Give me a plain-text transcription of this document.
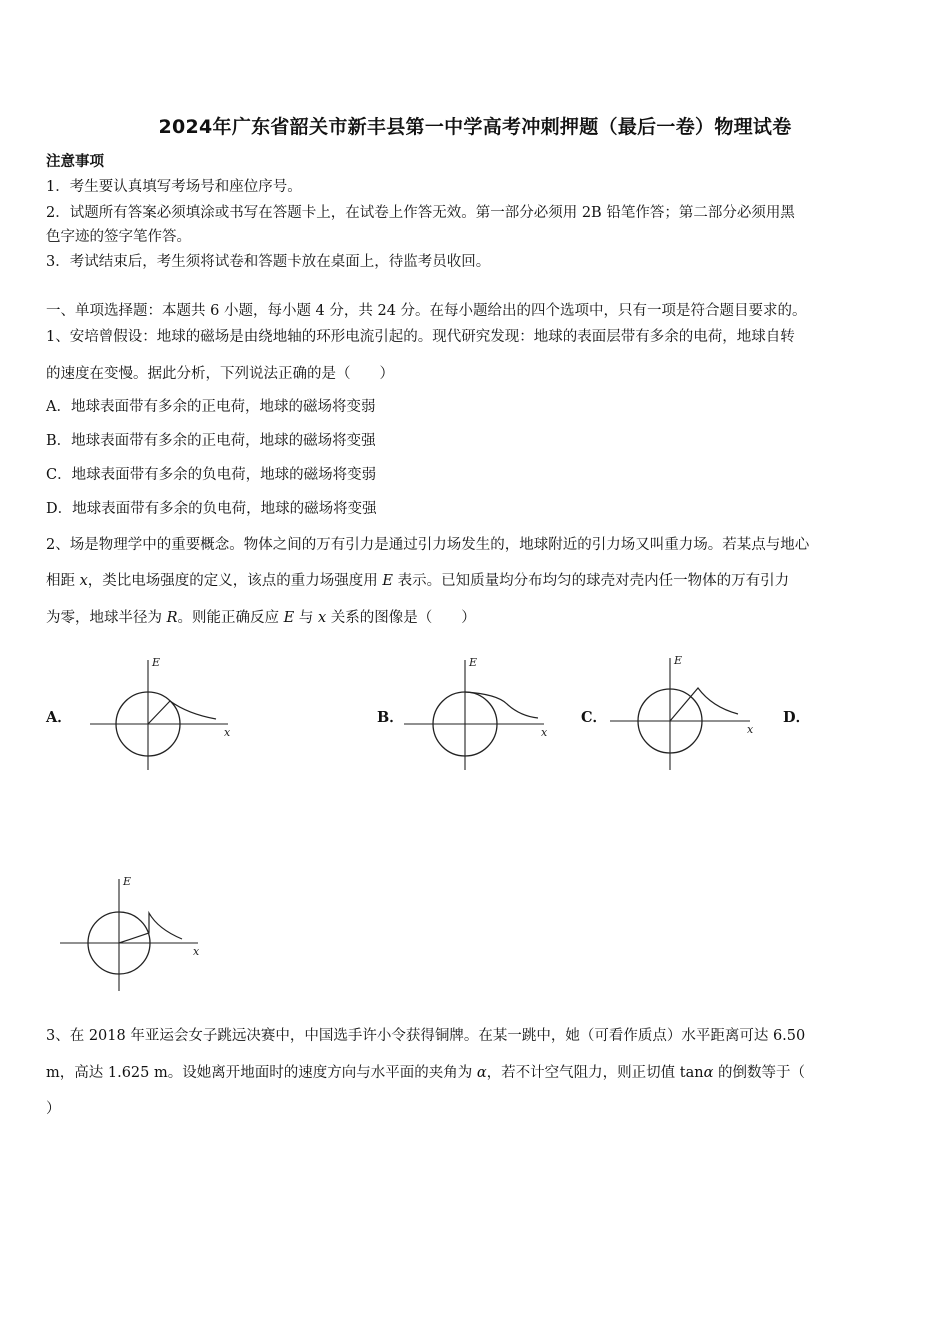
2024年广东省韶关市新丰县第一中学高考冲刺押题（最后一卷）物理试卷
注意事项
1．考生要认真填写考场号和座位序号。
2．试题所有答案必须填涂或书写在答题卡上，在试卷上作答无效。第一部分必须用 2B 铅笔作答；第二部分必须用黑
色字迹的签字笔作答。
3．考试结束后，考生须将试卷和答题卡放在桌面上，待监考员收回。
一、单项选择题：本题共 6 小题，每小题 4 分，共 24 分。在每小题给出的四个选项中，只有一项是符合题目要求的。
1、安培曾假设：地球的磁场是由绕地轴的环形电流引起的。现代研究发现：地球的表面层带有多余的电荷，地球自转
的速度在变慢。据此分析，下列说法正确的是（　　）
A．地球表面带有多余的正电荷，地球的磁场将变弱
B．地球表面带有多余的正电荷，地球的磁场将变强
C．地球表面带有多余的负电荷，地球的磁场将变弱
D．地球表面带有多余的负电荷，地球的磁场将变强
2、场是物理学中的重要概念。物体之间的万有引力是通过引力场发生的，地球附近的引力场又叫重力场。若某点与地心
相距 x，类比电场强度的定义，该点的重力场强度用 E 表示。已知质量均分布均匀的球壳对壳内任一物体的万有引力
为零，地球半径为 R。则能正确反应 E 与 x 关系的图像是（　　）
A．
E
x
B．
E
x
C．
E
x
D．
E
x
3、在 2018 年亚运会女子跳远决赛中，中国选手许小令获得铜牌。在某一跳中，她（可看作质点）水平距离可达 6.50
m，高达 1.625 m。设她离开地面时的速度方向与水平面的夹角为 α，若不计空气阻力，则正切值 tanα 的倒数等于（
）
